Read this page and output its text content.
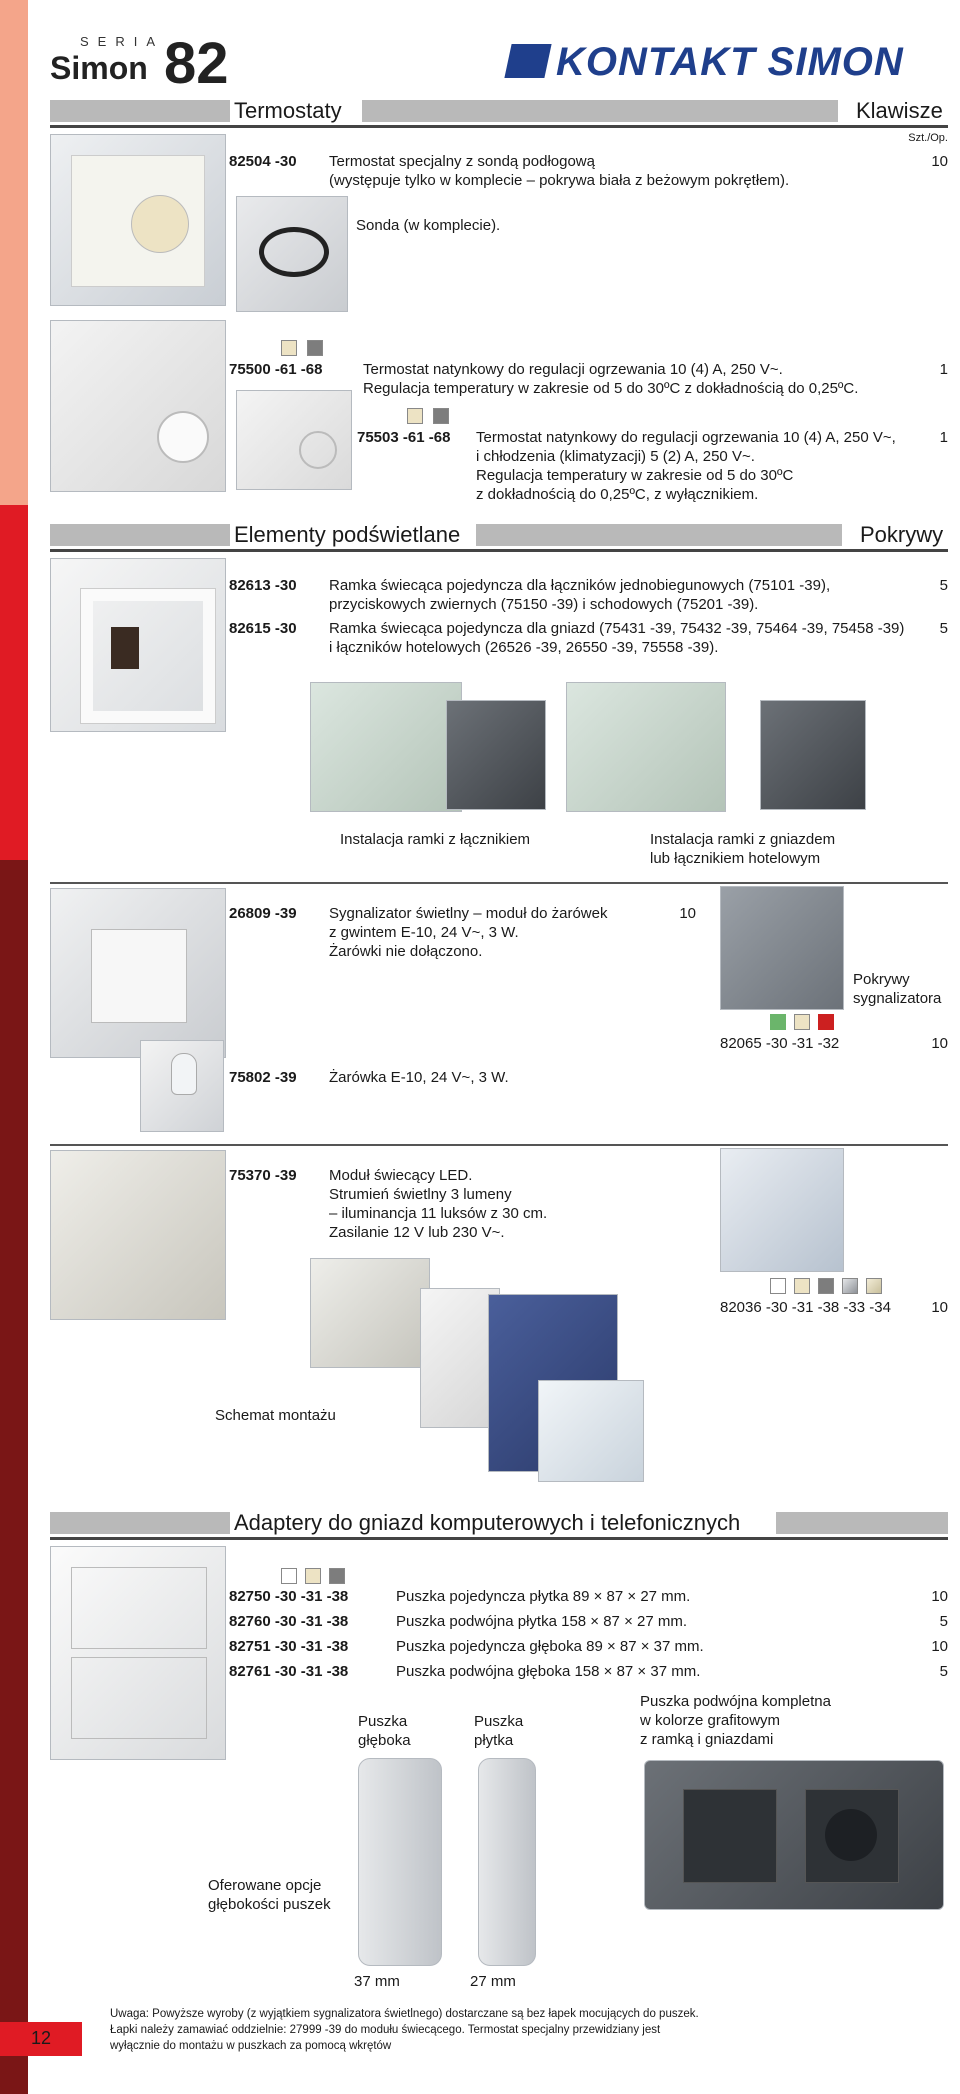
SERIA
Simon 82	KONTAKT SIMON
Termostaty	Klawisze
Szt./Op.
82504 -30 Termostat specjalny z sondą podłogową
(występuje tylko w komplecie – pokrywa biała z beżowym pokrętłem).
10
Sonda (w komplecie).
75500 -61 -68	Termostat natynkowy do regulacji ogrzewania 10 (4) A, 250 V~.
Regulacja temperatury w zakresie od 5 do 30ºC z dokładnością do 0,25ºC.
1
75503 -61 -68 Termostat natynkowy do regulacji ogrzewania 10 (4) A, 250 V~,
i chłodzenia (klimatyzacji) 5 (2) A, 250 V~.
Regulacja temperatury w zakresie od 5 do 30ºC
z dokładnością do 0,25ºC, z wyłącznikiem.
1
Elementy podświetlane	Pokrywy
82613 -30 Ramka świecąca pojedyncza dla łączników jednobiegunowych (75101 -39),
przyciskowych zwiernych (75150 -39) i schodowych (75201 -39).
5
82615 -30 Ramka świecąca pojedyncza dla gniazd (75431 -39, 75432 -39, 75464 -39, 75458 -39)
i łączników hotelowych (26526 -39, 26550 -39, 75558 -39).
5
Instalacja ramki z łącznikiem	Instalacja ramki z gniazdem
lub łącznikiem hotelowym
26809 -39 Sygnalizator świetlny – moduł do żarówek
z gwintem E-10, 24 V~, 3 W.
Żarówki nie dołączono.
10
Pokrywy
sygnalizatora
82065 -30 -31 -32	10
75802 -39 Żarówka E-10, 24 V~, 3 W.
75370 -39 Moduł świecący LED.
Strumień świetlny 3 lumeny
– iluminancja 11 luksów z 30 cm.
Zasilanie 12 V lub 230 V~.
82036 -30 -31 -38 -33 -34	10
Schemat montażu
Adaptery do gniazd komputerowych i telefonicznych
82750 -30 -31 -38	Puszka pojedyncza płytka 89 × 87 × 27 mm.	10
82760 -30 -31 -38	Puszka podwójna płytka 158 × 87 × 27 mm.	5
82751 -30 -31 -38	Puszka pojedyncza głęboka 89 × 87 × 37 mm.	10
82761 -30 -31 -38	Puszka podwójna głęboka 158 × 87 × 37 mm.	5
Puszka
głęboka
Puszka
płytka
Puszka podwójna kompletna
w kolorze grafitowym
z ramką i gniazdami
Oferowane opcje
głębokości puszek
37 mm	27 mm
Uwaga: Powyższe wyroby (z wyjątkiem sygnalizatora świetlnego) dostarczane są bez łapek mocujących do puszek.
Łapki należy zamawiać oddzielnie: 27999 -39 do modułu świecącego. Termostat specjalny przewidziany jest
wyłącznie do montażu w puszkach za pomocą wkrętów
12
